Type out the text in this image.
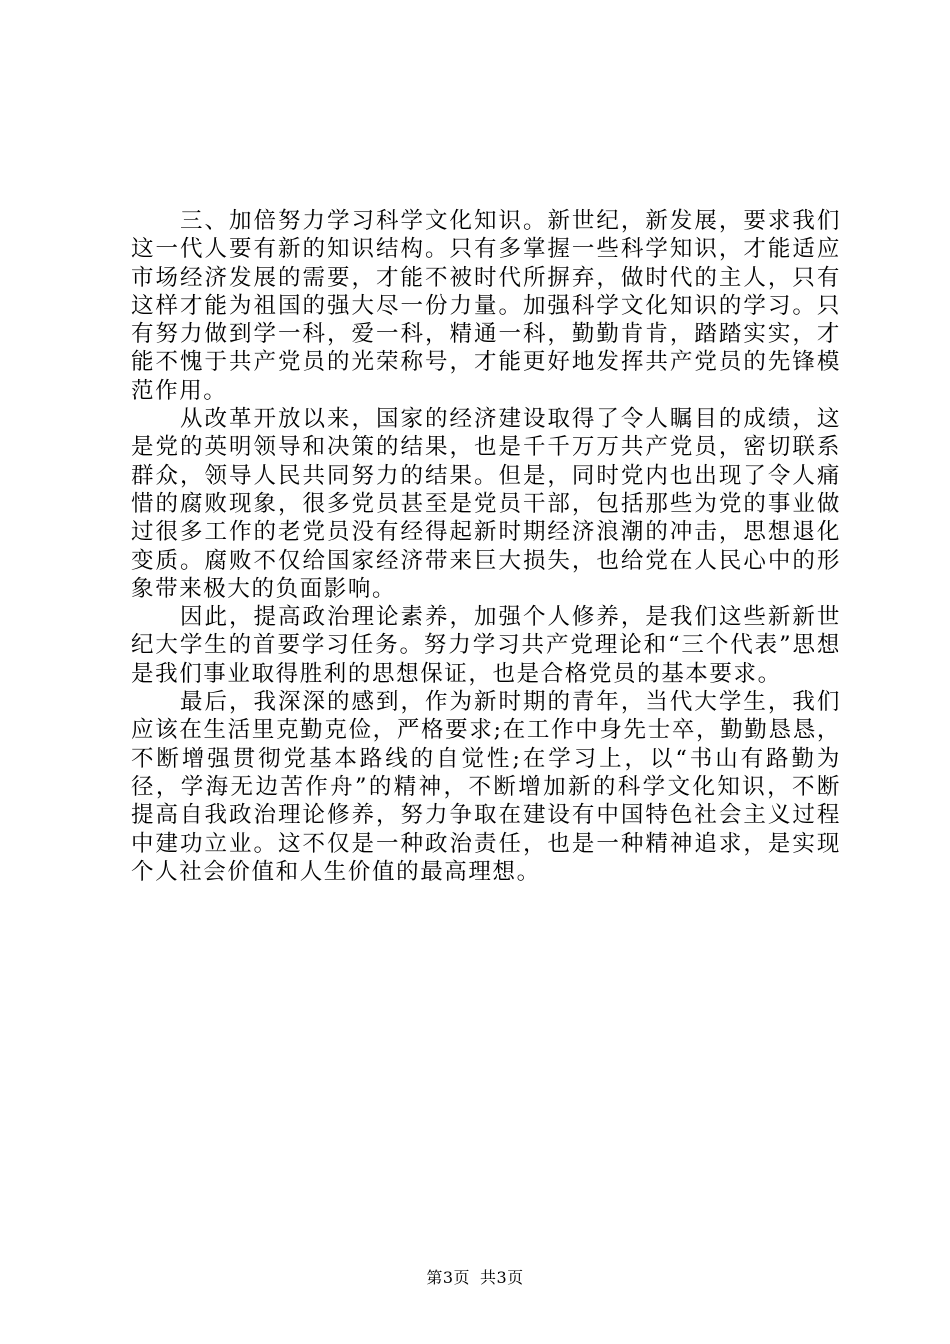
三、加倍努力学习科学文化知识。新世纪，新发展，要求我们这一代人要有新的知识结构。只有多掌握一些科学知识，才能适应市场经济发展的需要，才能不被时代所摒弃，做时代的主人，只有这样才能为祖国的强大尽一份力量。加强科学文化知识的学习。只有努力做到学一科，爱一科，精通一科，勤勤肯肯，踏踏实实，才能不愧于共产党员的光荣称号，才能更好地发挥共产党员的先锋模范作用。

从改革开放以来，国家的经济建设取得了令人瞩目的成绩，这是党的英明领导和决策的结果，也是千千万万共产党员，密切联系群众，领导人民共同努力的结果。但是，同时党内也出现了令人痛惜的腐败现象，很多党员甚至是党员干部，包括那些为党的事业做过很多工作的老党员没有经得起新时期经济浪潮的冲击，思想退化变质。腐败不仅给国家经济带来巨大损失，也给党在人民心中的形象带来极大的负面影响。

因此，提高政治理论素养，加强个人修养，是我们这些新新世纪大学生的首要学习任务。努力学习共产党理论和“三个代表”思想是我们事业取得胜利的思想保证，也是合格党员的基本要求。

最后，我深深的感到，作为新时期的青年，当代大学生，我们应该在生活里克勤克俭，严格要求;在工作中身先士卒，勤勤恳恳，不断增强贯彻党基本路线的自觉性;在学习上，以“书山有路勤为径，学海无边苦作舟”的精神，不断增加新的科学文化知识，不断提高自我政治理论修养，努力争取在建设有中国特色社会主义过程中建功立业。这不仅是一种政治责任，也是一种精神追求，是实现个人社会价值和人生价值的最高理想。

第3页 共3页
